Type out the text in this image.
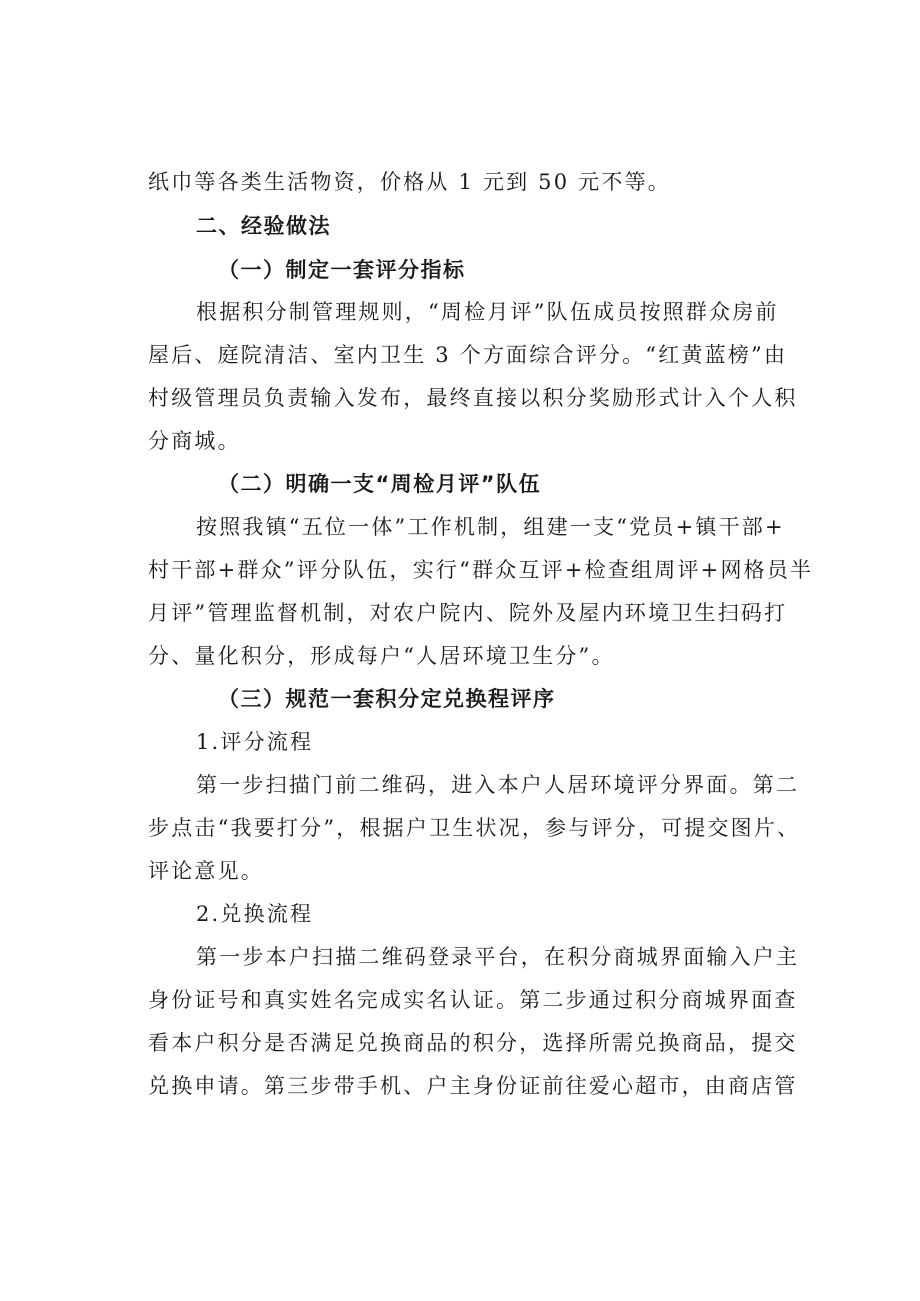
纸巾等各类生活物资，价格从 1 元到 50 元不等。
二、经验做法
（一）制定一套评分指标
根据积分制管理规则，“周检月评”队伍成员按照群众房前
屋后、庭院清洁、室内卫生 3 个方面综合评分。“红黄蓝榜”由
村级管理员负责输入发布，最终直接以积分奖励形式计入个人积
分商城。
（二）明确一支“周检月评”队伍
按照我镇“五位一体”工作机制，组建一支“党员+镇干部+
村干部+群众”评分队伍，实行“群众互评+检查组周评+网格员半
月评”管理监督机制，对农户院内、院外及屋内环境卫生扫码打
分、量化积分，形成每户“人居环境卫生分”。
（三）规范一套积分定兑换程评序
1.评分流程
第一步扫描门前二维码，进入本户人居环境评分界面。第二
步点击“我要打分”，根据户卫生状况，参与评分，可提交图片、
评论意见。
2.兑换流程
第一步本户扫描二维码登录平台，在积分商城界面输入户主
身份证号和真实姓名完成实名认证。第二步通过积分商城界面查
看本户积分是否满足兑换商品的积分，选择所需兑换商品，提交
兑换申请。第三步带手机、户主身份证前往爱心超市，由商店管
